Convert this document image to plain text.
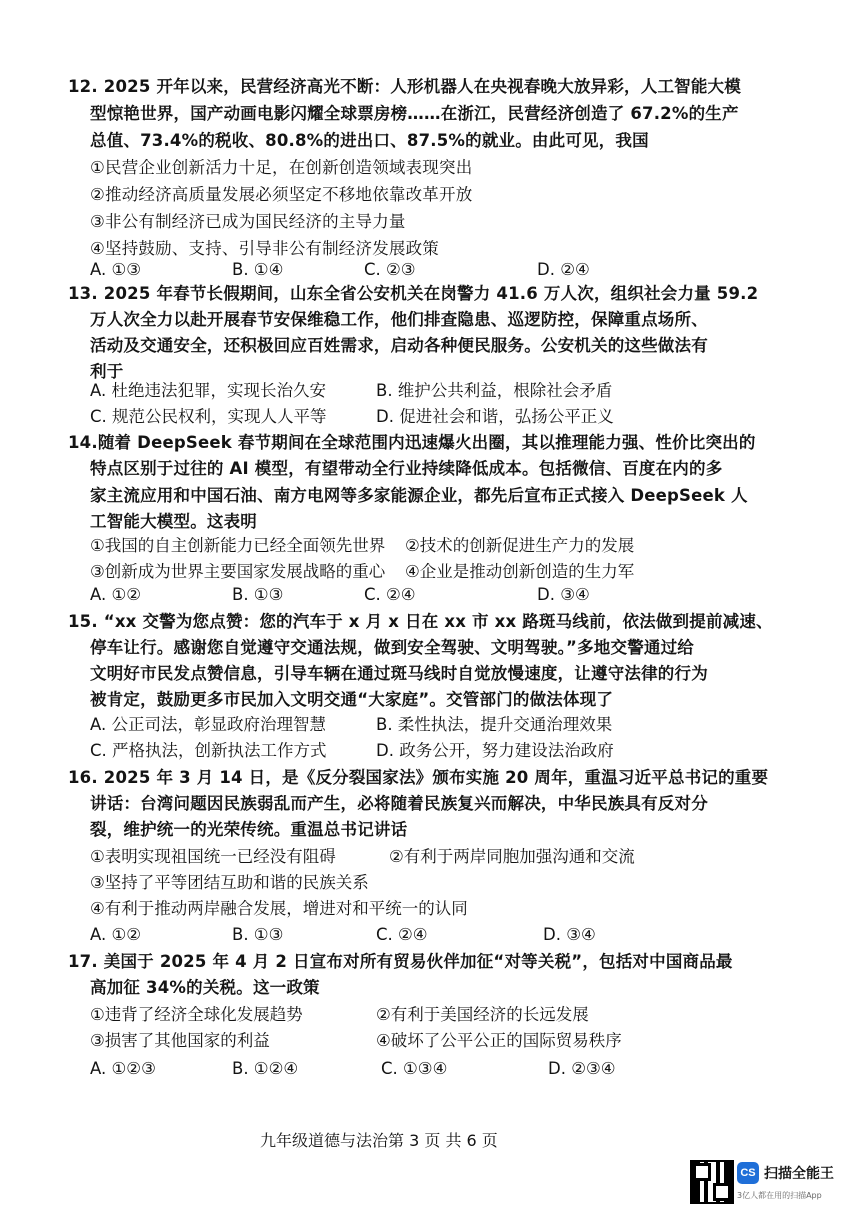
12. 2025 开年以来，民营经济高光不断：人形机器人在央视春晚大放异彩，人工智能大模
型惊艳世界，国产动画电影闪耀全球票房榜……在浙江，民营经济创造了 67.2%的生产
总值、73.4%的税收、80.8%的进出口、87.5%的就业。由此可见，我国
①民营企业创新活力十足，在创新创造领域表现突出
②推动经济高质量发展必须坚定不移地依靠改革开放
③非公有制经济已成为国民经济的主导力量
④坚持鼓励、支持、引导非公有制经济发展政策
A. ①③	B. ①④	C. ②③	D. ②④
13. 2025 年春节长假期间，山东全省公安机关在岗警力 41.6 万人次，组织社会力量 59.2
万人次全力以赴开展春节安保维稳工作，他们排查隐患、巡逻防控，保障重点场所、
活动及交通安全，还积极回应百姓需求，启动各种便民服务。公安机关的这些做法有
利于
A. 杜绝违法犯罪，实现长治久安	B. 维护公共利益，根除社会矛盾
C. 规范公民权利，实现人人平等	D. 促进社会和谐，弘扬公平正义
14.随着 DeepSeek 春节期间在全球范围内迅速爆火出圈，其以推理能力强、性价比突出的
特点区别于过往的 AI 模型，有望带动全行业持续降低成本。包括微信、百度在内的多
家主流应用和中国石油、南方电网等多家能源企业，都先后宣布正式接入 DeepSeek 人
工智能大模型。这表明
①我国的自主创新能力已经全面领先世界 ②技术的创新促进生产力的发展
③创新成为世界主要国家发展战略的重心 ④企业是推动创新创造的生力军
A. ①②	B. ①③	C. ②④	D. ③④
15. “xx 交警为您点赞：您的汽车于 x 月 x 日在 xx 市 xx 路斑马线前，依法做到提前减速、
停车让行。感谢您自觉遵守交通法规，做到安全驾驶、文明驾驶。”多地交警通过给
文明好市民发点赞信息，引导车辆在通过斑马线时自觉放慢速度，让遵守法律的行为
被肯定，鼓励更多市民加入文明交通“大家庭”。交管部门的做法体现了
A. 公正司法，彰显政府治理智慧	B. 柔性执法，提升交通治理效果
C. 严格执法，创新执法工作方式	D. 政务公开，努力建设法治政府
16. 2025 年 3 月 14 日，是《反分裂国家法》颁布实施 20 周年，重温习近平总书记的重要
讲话：台湾问题因民族弱乱而产生，必将随着民族复兴而解决，中华民族具有反对分
裂，维护统一的光荣传统。重温总书记讲话
①表明实现祖国统一已经没有阻碍	②有利于两岸同胞加强沟通和交流
③坚持了平等团结互助和谐的民族关系
④有利于推动两岸融合发展，增进对和平统一的认同
A. ①②	B. ①③	C. ②④	D. ③④
17. 美国于 2025 年 4 月 2 日宣布对所有贸易伙伴加征“对等关税”，包括对中国商品最
高加征 34%的关税。这一政策
①违背了经济全球化发展趋势	②有利于美国经济的长远发展
③损害了其他国家的利益	④破坏了公平公正的国际贸易秩序
A. ①②③	B. ①②④	C. ①③④	D. ②③④
九年级道德与法治第 3 页 共 6 页
CS 扫描全能王
3亿人都在用的扫描App
